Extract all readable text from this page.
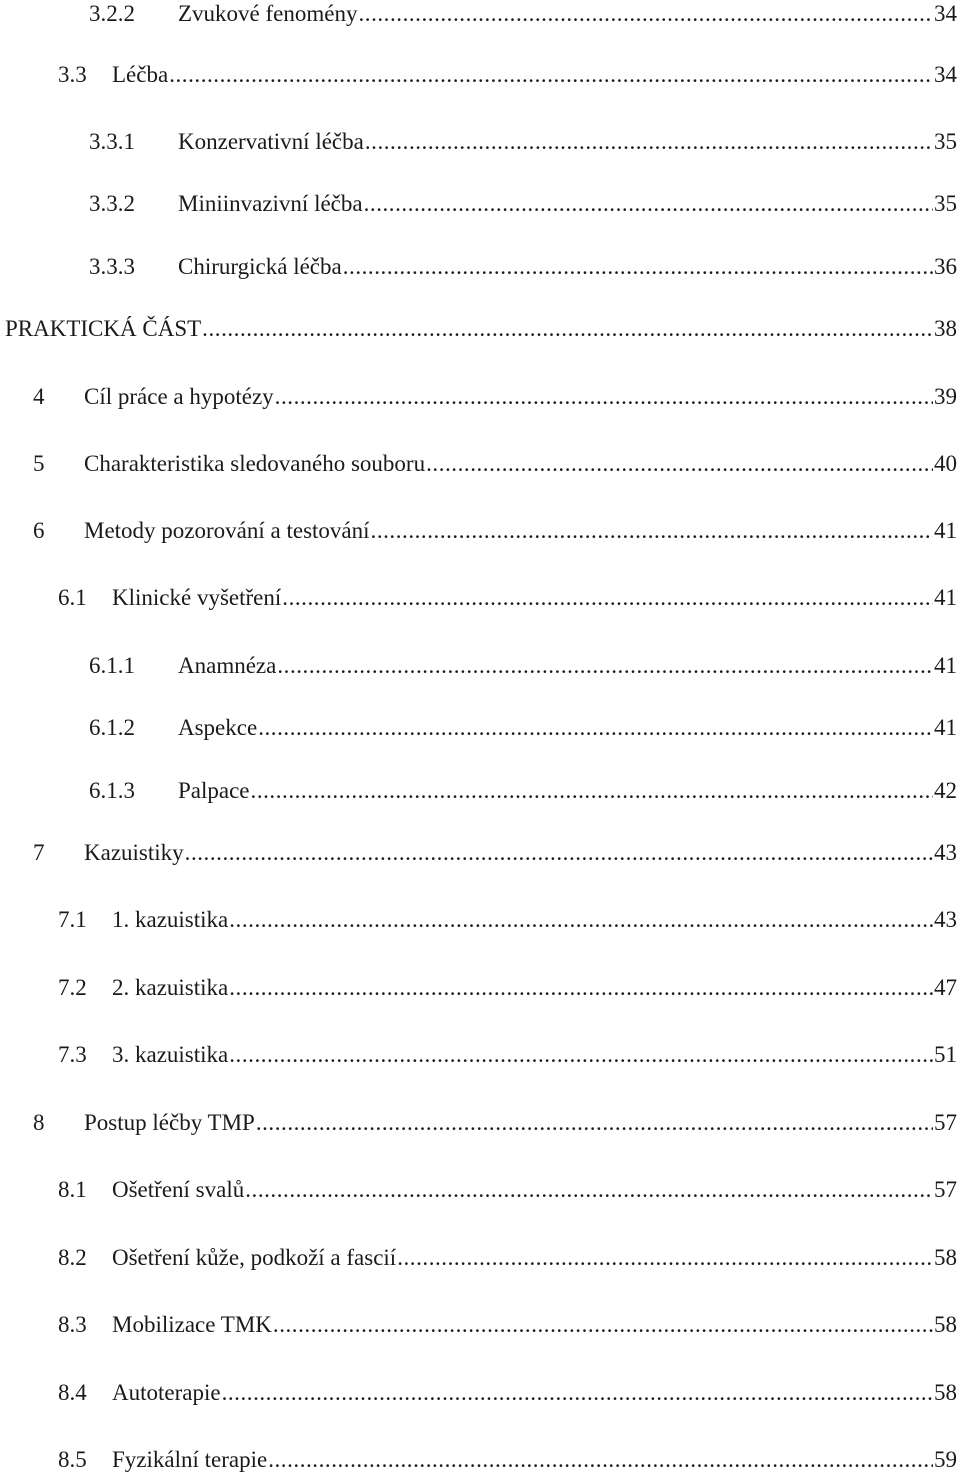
3.2.2 Zvukové fenomény . . .	34
3.3 Léčba . . .	34
3.3.1 Konzervativní léčba . . .	35
3.3.2 Miniinvazivní léčba . . .	35
3.3.3 Chirurgická léčba . . .	36
PRAKTICKÁ ČÁST . . .	38
4 Cíl práce a hypotézy . . .	39
5 Charakteristika sledovaného souboru . . .	40
6 Metody pozorování a testování . . .	41
6.1 Klinické vyšetření . . .	41
6.1.1 Anamnéza . . .	41
6.1.2 Aspekce . . .	41
6.1.3 Palpace . . .	42
7 Kazuistiky . . .	43
7.1 1. kazuistika . . .	43
7.2 2. kazuistika . . .	47
7.3 3. kazuistika . . .	51
8 Postup léčby TMP . . .	57
8.1 Ošetření svalů . . .	57
8.2 Ošetření kůže, podkoží a fascií . . .	58
8.3 Mobilizace TMK . . .	58
8.4 Autoterapie . . .	58
8.5 Fyzikální terapie . . .	59
